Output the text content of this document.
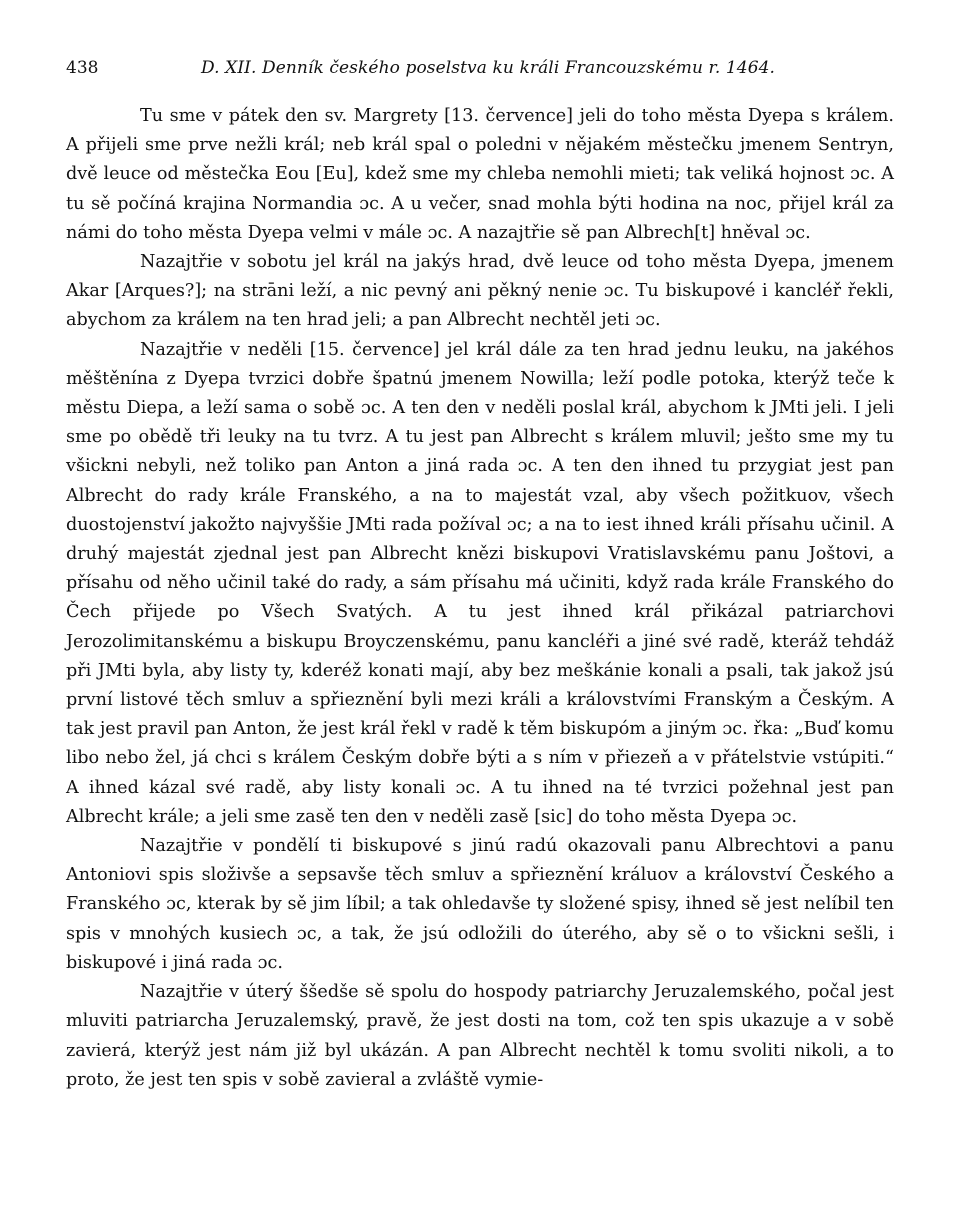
438	D. XII. Denník českého poselstva ku králi Francouzskému r. 1464.

Tu sme v pátek den sv. Margrety [13. července] jeli do toho města Dyepa s králem. A přijeli sme prve nežli král; neb král spal o poledni v nějakém městečku jmenem Sentryn, dvě leuce od městečka Eou [Eu], kdež sme my chleba nemohli mieti; tak veliká hojnost ɔc. A tu sě počíná krajina Normandia ɔc. A u večer, snad mohla býti hodina na noc, přijel král za námi do toho města Dyepa velmi v mále ɔc. A nazajtřie sě pan Albrech[t] hněval ɔc.

Nazajtřie v sobotu jel král na jakýs hrad, dvě leuce od toho města Dyepa, jmenem Akar [Arques?]; na strāni leží, a nic pevný ani pěkný nenie ɔc. Tu biskupové i kancléř řekli, abychom za králem na ten hrad jeli; a pan Albrecht nechtěl jeti ɔc.

Nazajtřie v neděli [15. července] jel král dále za ten hrad jednu leuku, na jakéhos měštěnína z Dyepa tvrzici dobře špatnú jmenem Nowilla; leží podle potoka, kterýž teče k městu Diepa, a leží sama o sobě ɔc. A ten den v neděli poslal král, abychom k JMti jeli. I jeli sme po obědě tři leuky na tu tvrz. A tu jest pan Albrecht s králem mluvil; ješto sme my tu všickni nebyli, než toliko pan Anton a jiná rada ɔc. A ten den ihned tu przygiat jest pan Albrecht do rady krále Franského, a na to majestát vzal, aby všech požitkuov, všech duostojenství jakožto najvyššie JMti rada požíval ɔc; a na to iest ihned králi přísahu učinil. A druhý majestát zjednal jest pan Albrecht knězi biskupovi Vratislavskému panu Joštovi, a přísahu od něho učinil také do rady, a sám přísahu má učiniti, když rada krále Franského do Čech přijede po Všech Svatých. A tu jest ihned král přikázal patriarchovi Jerozolimitanskému a biskupu Broyczenskému, panu kancléři a jiné své radě, kteráž tehdáž při JMti byla, aby listy ty, kderéž konati mají, aby bez meškánie konali a psali, tak jakož jsú první listové těch smluv a spřieznění byli mezi králi a královstvími Franským a Českým. A tak jest pravil pan Anton, že jest král řekl v radě k těm biskupóm a jiným ɔc. řka: „Buď komu libo nebo žel, já chci s králem Českým dobře býti a s ním v přiezeň a v přátelstvie vstúpiti.“ A ihned kázal své radě, aby listy konali ɔc. A tu ihned na té tvrzici požehnal jest pan Albrecht krále; a jeli sme zasě ten den v neděli zasě [sic] do toho města Dyepa ɔc.

Nazajtřie v pondělí ti biskupové s jinú radú okazovali panu Albrechtovi a panu Antoniovi spis složivše a sepsavše těch smluv a spřieznění králuov a království Českého a Franského ɔc, kterak by sě jim líbil; a tak ohledavše ty složené spisy, ihned sě jest nelíbil ten spis v mnohých kusiech ɔc, a tak, že jsú odložili do úterého, aby sě o to všickni sešli, i biskupové i jiná rada ɔc.

Nazajtřie v úterý ššedše sě spolu do hospody patriarchy Jeruzalemského, počal jest mluviti patriarcha Jeruzalemský, pravě, že jest dosti na tom, což ten spis ukazuje a v sobě zavierá, kterýž jest nám již byl ukázán. A pan Albrecht nechtěl k tomu svoliti nikoli, a to proto, že jest ten spis v sobě zavieral a zvláště vymie-
